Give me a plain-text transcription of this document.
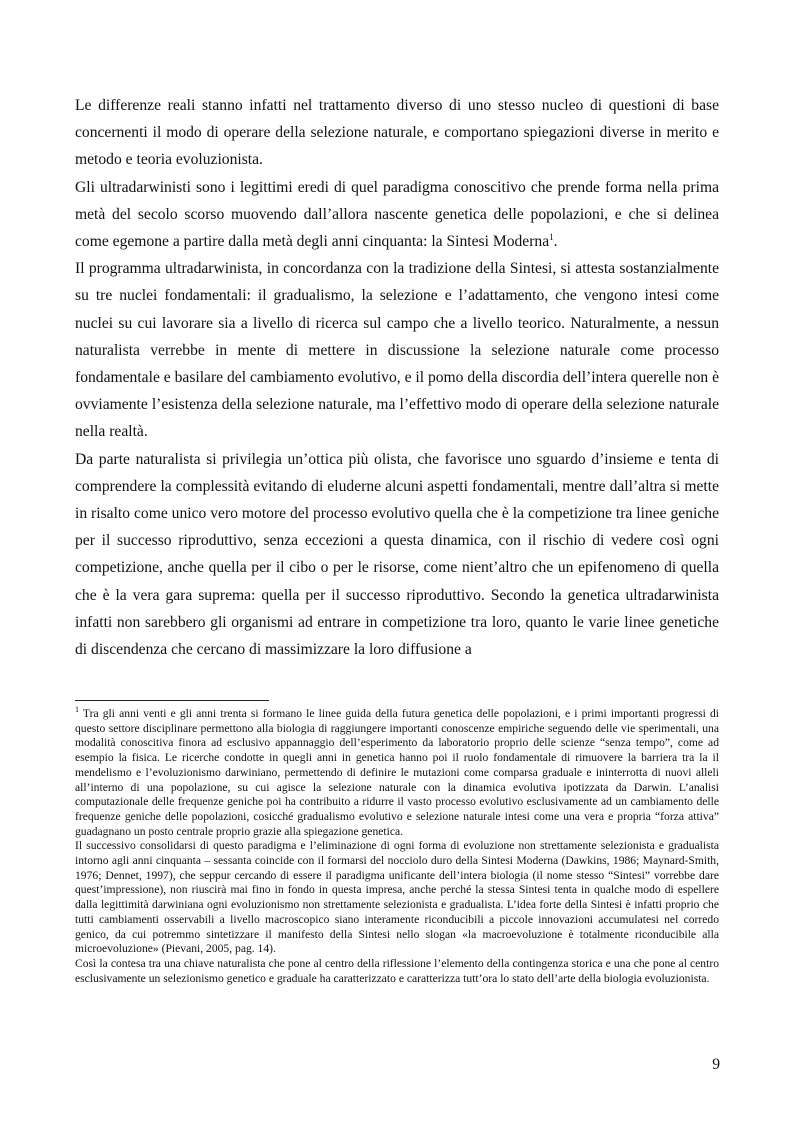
Le differenze reali stanno infatti nel trattamento diverso di uno stesso nucleo di questioni di base concernenti il modo di operare della selezione naturale, e comportano spiegazioni diverse in merito e metodo e teoria evoluzionista.

Gli ultradarwinisti sono i legittimi eredi di quel paradigma conoscitivo che prende forma nella prima metà del secolo scorso muovendo dall’allora nascente genetica delle popolazioni, e che si delinea come egemone a partire dalla metà degli anni cinquanta: la Sintesi Moderna$^1$.

Il programma ultradarwinista, in concordanza con la tradizione della Sintesi, si attesta sostanzialmente su tre nuclei fondamentali: il gradualismo, la selezione e l’adattamento, che vengono intesi come nuclei su cui lavorare sia a livello di ricerca sul campo che a livello teorico. Naturalmente, a nessun naturalista verrebbe in mente di mettere in discussione la selezione naturale come processo fondamentale e basilare del cambiamento evolutivo, e il pomo della discordia dell’intera querelle non è ovviamente l’esistenza della selezione naturale, ma l’effettivo modo di operare della selezione naturale nella realtà.

Da parte naturalista si privilegia un’ottica più olista, che favorisce uno sguardo d’insieme e tenta di comprendere la complessità evitando di eluderne alcuni aspetti fondamentali, mentre dall’altra si mette in risalto come unico vero motore del processo evolutivo quella che è la competizione tra linee geniche per il successo riproduttivo, senza eccezioni a questa dinamica, con il rischio di vedere così ogni competizione, anche quella per il cibo o per le risorse, come nient’altro che un epifenomeno di quella che è la vera gara suprema: quella per il successo riproduttivo. Secondo la genetica ultradarwinista infatti non sarebbero gli organismi ad entrare in competizione tra loro, quanto le varie linee genetiche di discendenza che cercano di massimizzare la loro diffusione a

$^1$ Tra gli anni venti e gli anni trenta si formano le linee guida della futura genetica delle popolazioni, e i primi importanti progressi di questo settore disciplinare permettono alla biologia di raggiungere importanti conoscenze empiriche seguendo delle vie sperimentali, una modalità conoscitiva finora ad esclusivo appannaggio dell’esperimento da laboratorio proprio delle scienze “senza tempo”, come ad esempio la fisica. Le ricerche condotte in quegli anni in genetica hanno poi il ruolo fondamentale di rimuovere la barriera tra la il mendelismo e l’evoluzionismo darwiniano, permettendo di definire le mutazioni come comparsa graduale e ininterrotta di nuovi alleli all’interno di una popolazione, su cui agisce la selezione naturale con la dinamica evolutiva ipotizzata da Darwin. L’analisi computazionale delle frequenze geniche poi ha contribuito a ridurre il vasto processo evolutivo esclusivamente ad un cambiamento delle frequenze geniche delle popolazioni, cosicché gradualismo evolutivo e selezione naturale intesi come una vera e propria “forza attiva” guadagnano un posto centrale proprio grazie alla spiegazione genetica.

Il successivo consolidarsi di questo paradigma e l’eliminazione di ogni forma di evoluzione non strettamente selezionista e gradualista intorno agli anni cinquanta – sessanta coincide con il formarsi del nocciolo duro della Sintesi Moderna (Dawkins, 1986; Maynard-Smith, 1976; Dennet, 1997), che seppur cercando di essere il paradigma unificante dell’intera biologia (il nome stesso “Sintesi” vorrebbe dare quest’impressione), non riuscirà mai fino in fondo in questa impresa, anche perché la stessa Sintesi tenta in qualche modo di espellere dalla legittimità darwiniana ogni evoluzionismo non strettamente selezionista e gradualista. L’idea forte della Sintesi è infatti proprio che tutti cambiamenti osservabili a livello macroscopico siano interamente riconducibili a piccole innovazioni accumulatesi nel corredo genico, da cui potremmo sintetizzare il manifesto della Sintesi nello slogan «la macroevoluzione è totalmente riconducibile alla microevoluzione» (Pievani, 2005, pag. 14).

Così la contesa tra una chiave naturalista che pone al centro della riflessione l’elemento della contingenza storica e una che pone al centro esclusivamente un selezionismo genetico e graduale ha caratterizzato e caratterizza tutt’ora lo stato dell’arte della biologia evoluzionista.

9
